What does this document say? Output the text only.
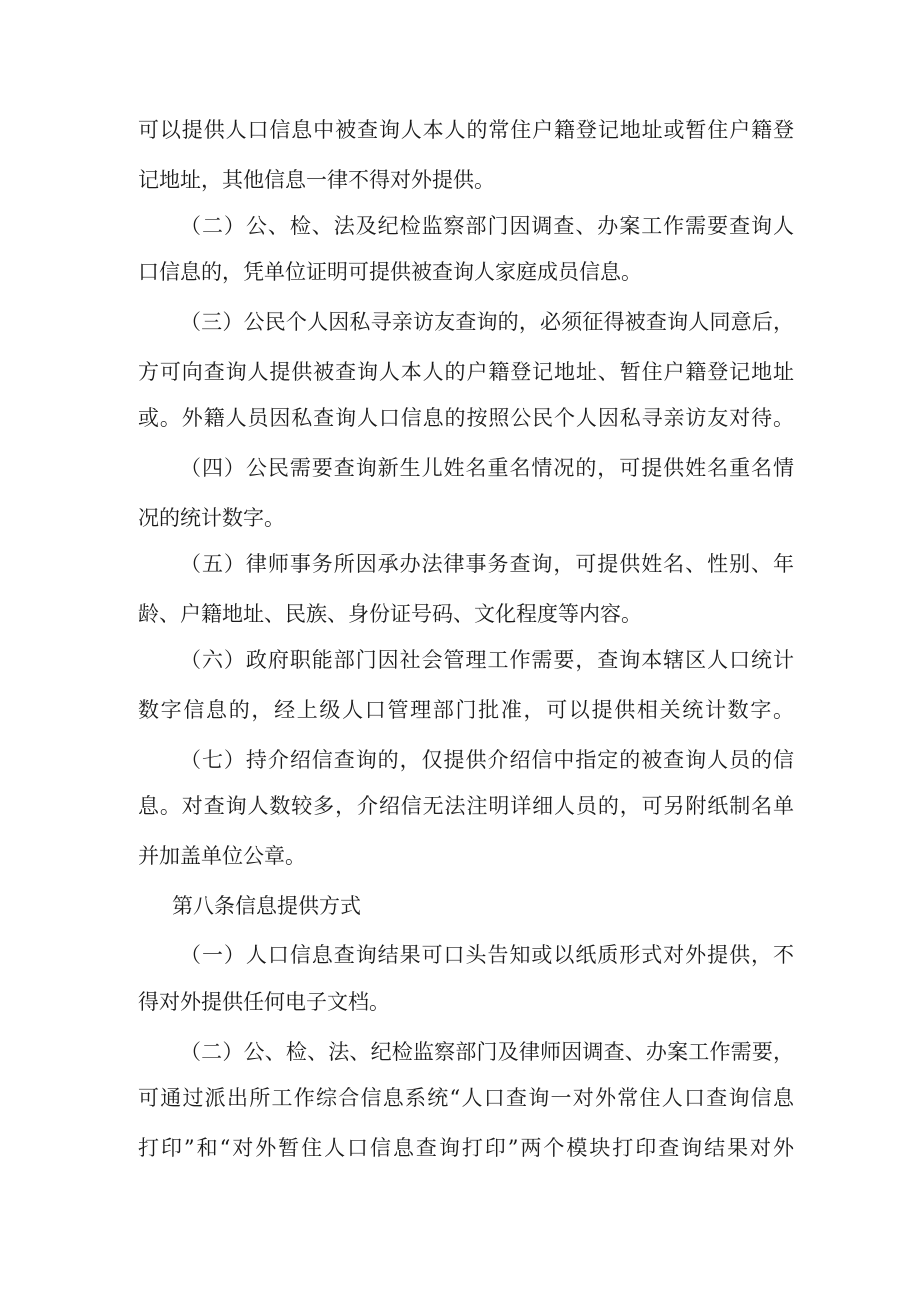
可以提供人口信息中被查询人本人的常住户籍登记地址或暂住户籍登
记地址，其他信息一律不得对外提供。
（二）公、检、法及纪检监察部门因调查、办案工作需要查询人
口信息的，凭单位证明可提供被查询人家庭成员信息。
（三）公民个人因私寻亲访友查询的，必须征得被查询人同意后，
方可向查询人提供被查询人本人的户籍登记地址、暂住户籍登记地址
或。外籍人员因私查询人口信息的按照公民个人因私寻亲访友对待。
（四）公民需要查询新生儿姓名重名情况的，可提供姓名重名情
况的统计数字。
（五）律师事务所因承办法律事务查询，可提供姓名、性别、年
龄、户籍地址、民族、身份证号码、文化程度等内容。
（六）政府职能部门因社会管理工作需要，查询本辖区人口统计
数字信息的，经上级人口管理部门批准，可以提供相关统计数字。
（七）持介绍信查询的，仅提供介绍信中指定的被查询人员的信
息。对查询人数较多，介绍信无法注明详细人员的，可另附纸制名单
并加盖单位公章。
第八条信息提供方式
（一）人口信息查询结果可口头告知或以纸质形式对外提供，不
得对外提供任何电子文档。
（二）公、检、法、纪检监察部门及律师因调查、办案工作需要，
可通过派出所工作综合信息系统“人口查询一对外常住人口查询信息
打印”和“对外暂住人口信息查询打印”两个模块打印查询结果对外
